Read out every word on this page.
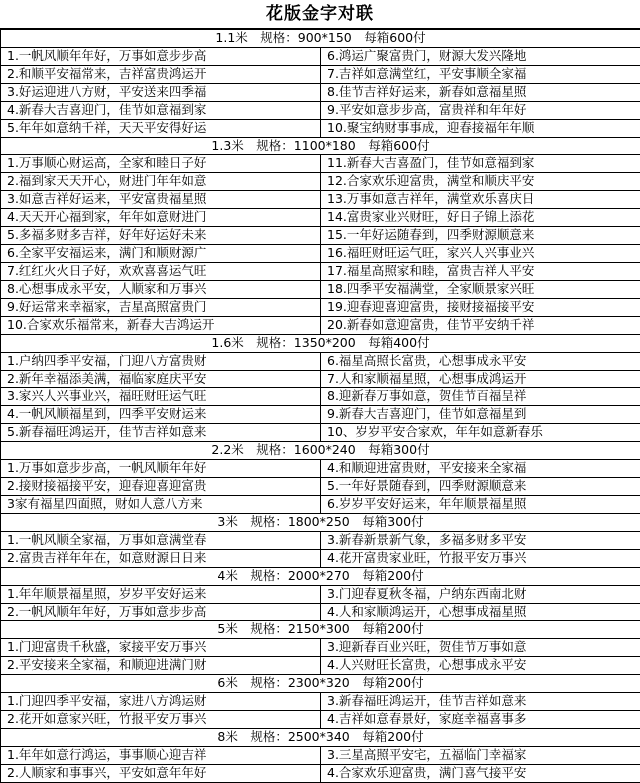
花版金字对联
1.1米　规格：900*150　每箱600付	
1.一帆风顺年年好，万事如意步步高	6.鸿运广聚富贵门，财源大发兴隆地
2.和顺平安福常来，吉祥富贵鸿运开	7.吉祥如意满堂红，平安事顺全家福
3.好运迎进八方财，平安送来四季福	8.佳节吉祥好运来，新春如意福星照
4.新春大吉喜迎门，佳节如意福到家	9.平安如意步步高，富贵祥和年年好
5.年年如意纳千祥，天天平安得好运	10.聚宝纳财事事成，迎春接福年年顺
1.3米　规格：1100*180　每箱600付	
1.万事顺心财运高，全家和睦日子好	11.新春大吉喜盈门，佳节如意福到家
2.福到家天天开心，财进门年年如意	12.合家欢乐迎富贵，满堂和顺庆平安
3.如意吉祥好运来，平安富贵福星照	13.万事如意吉祥年，满堂欢乐喜庆日
4.天天开心福到家，年年如意财进门	14.富贵家业兴财旺，好日子锦上添花
5.多福多财多吉祥，好年好运好未来	15.一年好运随春到，四季财源顺意来
6.全家平安福运来，满门和顺财源广	16.福旺财旺运气旺，家兴人兴事业兴
7.红红火火日子好，欢欢喜喜运气旺	17.福星高照家和睦，富贵吉祥人平安
8.心想事成永平安，人顺家和万事兴	18.四季平安福满堂，全家顺景家兴旺
9.好运常来幸福家，吉星高照富贵门	19.迎春迎喜迎富贵，接财接福接平安
10.合家欢乐福常来，新春大吉鸿运开	20.新春如意迎富贵，佳节平安纳千祥
1.6米　规格：1350*200　每箱400付	
1.户纳四季平安福，门迎八方富贵财	6.福星高照长富贵，心想事成永平安
2.新年幸福添美满，福临家庭庆平安	7.人和家顺福星照，心想事成鸿运开
3.家兴人兴事业兴，福旺财旺运气旺	8.迎新春万事如意，贺佳节百福呈祥
4.一帆风顺福星到，四季平安财运来	9.新春大吉喜迎门，佳节如意福星到
5.新春福旺鸿运开，佳节吉祥如意来	10、岁岁平安合家欢，年年如意新春乐
2.2米　规格：1600*240　每箱300付	
1.万事如意步步高，一帆风顺年年好	4.和顺迎进富贵财，平安接来全家福
2.接财接福接平安，迎春迎喜迎富贵	5.一年好景随春到，四季财源顺意来
3家有福星四面照，财如人意八方来	6.岁岁平安好运来，年年顺景福星照
3米　规格：1800*250　每箱300付	
1.一帆风顺全家福，万事如意满堂春	3.新春新景新气象，多福多财多平安
2.富贵吉祥年年在，如意财源日日来	4.花开富贵家业旺，竹报平安万事兴
4米　规格：2000*270　每箱200付	
1.年年顺景福星照，岁岁平安好运来	3.门迎春夏秋冬福，户纳东西南北财
2.一帆风顺年年好，万事如意步步高	4.人和家顺鸿运开，心想事成福星照
5米　规格：2150*300　每箱200付	
1.门迎富贵千秋盛，家接平安万事兴	3.迎新春百业兴旺，贺佳节万事如意
2.平安接来全家福，和顺迎进满门财	4.人兴财旺长富贵，心想事成永平安
6米　规格：2300*320　每箱200付	
1.门迎四季平安福，家进八方鸿运财	3.新春福旺鸿运开，佳节吉祥如意来
2.花开如意家兴旺，竹报平安万事兴	4.吉祥如意春景好，家庭幸福喜事多
8米　规格：2500*340　每箱200付	
1.年年如意行鸿运，事事顺心迎吉祥	3.三星高照平安宅，五福临门幸福家
2.人顺家和事事兴，平安如意年年好	4.合家欢乐迎富贵，满门喜气接平安
